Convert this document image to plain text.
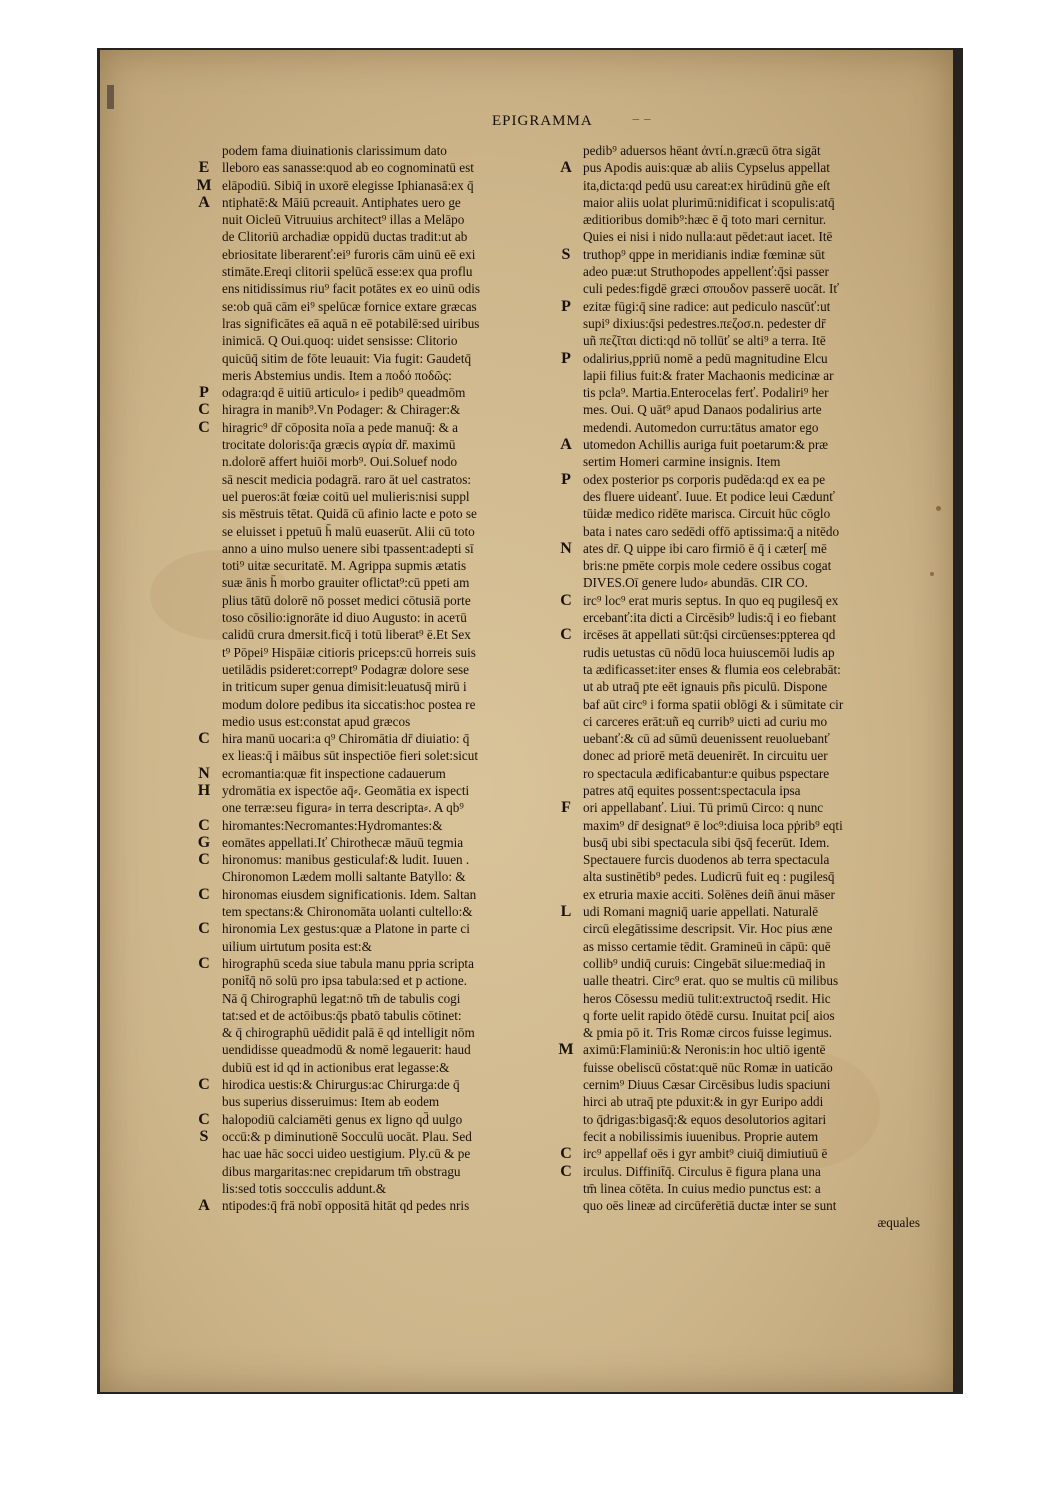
EPIGRAMMA	‒ ‒
podem fama diuinationis clarissimum dato
E lleboro eas sanasse:quod ab eo cognominatū est
M elāpodiū. Sibiq̄ in uxorē elegisse Iphianasā:ex q̄
A ntiphatē:& Māiū pcreauit. Antiphates uero ge
nuit Oicleū Vitruuius architect⁹ illas a Melāpo
de Clitoriū archadiæ oppidū ductas tradit:ut ab
ebriositate liberarenť:ei⁹ furoris cām uinū eē exi
stimāte.Ereqi clitorii spelūcā esse:ex qua proflu
ens nitidissimus riu⁹ facit potātes ex eo uinū odis
se:ob quā cām ei⁹ spelūcæ fornice extare græcas
lras significātes eā aquā n eē potabilē:sed uiribus
inimicā. Q Oui.quoq: uidet sensisse: Clitorio
quicūq̄ sitim de fōte leuauit: Via fugit: Gaudetq̄
meris Abstemius undis. Item a ποδό ποδῶς:
P odagra:qd ē uitiū articulo⸗ i pedib⁹ queadmōm
C hiragra in manib⁹.Vn Podager: & Chirager:&
C hiragric⁹ dr̄ cōposita noīa a pede manuq̄: & a
trocitate doloris:q̄a græcis αγρία dr̄. maximū
n.dolorē affert huiōi morb⁹. Oui.Soluef nodo
sā nescit medicia podagrā. raro āt uel castratos:
uel pueros:āt fœiæ coitū uel mulieris:nisi suppl
sis mēstruis tētat. Quidā cū afinio lacte e poto se
se eluisset i ppetuū h̄ malū euaserūt. Alii cū toto
anno a uino mulso uenere sibi tpassent:adepti sī
toti⁹ uitæ securitatē. M. Agrippa supmis ætatis
suæ ānis h̄ morbo grauiter oflictat⁹:cū ppeti am
plius tātū dolorē nō posset medici cōtusiā porte
toso cōsilio:ignorāte id diuo Augusto: in aceτū
calidū crura dmersit.ficq̄ i totū liberat⁹ ē.Et Sex
t⁹ Pōpei⁹ Hispāiæ citioris priceps:cū horreis suis
uetilādis psideret:corrept⁹ Podagræ dolore sese
in triticum super genua dimisit:leuatusq̄ mirū i
modum dolore pedibus ita siccatis:hoc postea re
medio usus est:constat apud græcos
C hira manū uocari:a q⁹ Chiromātia dr̄ diuiatio: q̄
ex lieas:q̄ i māibus sūt inspectiōe fieri solet:sicut
N ecromantia:quæ fit inspectione cadauerum
H ydromātia ex ispectōe aq̄⸗. Geomātia ex ispecti
one terræ:seu figura⸗ in terra descripta⸗. A qb⁹
C hiromantes:Necromantes:Hydromantes:&
G eomātes appellati.Iť Chirothecæ māuū tegmia
C hironomus: manibus gesticulaf:& ludit. Iuuen .
Chironomon Lædem molli saltante Batyllo: &
C hironomas eiusdem significationis. Idem. Saltan
tem spectans:& Chironomāta uolanti cultello:&
C hironomia Lex gestus:quæ a Platone in parte ci
uilium uirtutum posita est:&
C hirographū sceda siue tabula manu ppria scripta
ponit̄q̄ nō solū pro ipsa tabula:sed et p actione.
Nā q̄ Chirographū legat:nō tm̄ de tabulis cogi
tat:sed et de actōibus:q̄s pbatō tabulis cōtinet:
& q̄ chirographū uēdidit palā ē qd intelligit nōm
uendidisse queadmodū & nomē legauerit: haud
dubiū est id qd in actionibus erat legasse:&
C hirodica uestis:& Chirurgus:ac Chirurga:de q̄
bus superius disseruimus: Item ab eodem
C halopodiū calciamēti genus ex ligno qd̄ uulgo
S occū:& p diminutionē Socculū uocāt. Plau. Sed
hac uae hāc socci uideo uestigium. Ply.cū & pe
dibus margaritas:nec crepidarum tm̄ obstragu
lis:sed totis soccculis addunt.&
A ntipodes:q̄ frā nobī oppositā hitāt qd pedes nris
pedib⁹ aduersos hēant ἀντί.n.græcū ōtra sigāt
A pus Apodis auis:quæ ab aliis Cypselus appellat
ita,dicta:qd pedū usu careat:ex hirūdinū gñe eſt
maior aliis uolat plurimū:nidificat i scopulis:atq̄
æditioribus domib⁹:hæc ē q̄ toto mari cernitur.
Quies ei nisi i nido nulla:aut pēdet:aut iacet. Itē
S truthop⁹ qppe in meridianis indiæ fœminæ sūt
adeo puæ:ut Struthopodes appellenť:q̄si passer
culi pedes:figdē græci σπουδον passerē uocāt. Iť
P ezitæ fūgi:q̄ sine radice: aut pediculo nascūť:ut
supi⁹ dixius:q̄si pedestres.πεζοσ.n. pedester dr̄
uñ πεζῖται dicti:qd nō tollūť se alti⁹ a terra. Itē
P odalirius,ppriū nomē a pedū magnitudine Elcu
lapii filius fuit:& frater Machaonis medicinæ ar
tis pcla⁹. Martia.Enterocelas ferť. Podaliri⁹ her
mes. Oui. Q uāt⁹ apud Danaos podalirius arte
medendi. Automedon curru:tātus amator ego
A utomedon Achillis auriga fuit poetarum:& præ
sertim Homeri carmine insignis. Item
P odex posterior ps corporis pudēda:qd ex ea pe
des fluere uideanť. Iuue. Et podice leui Cædunť
tūidæ medico ridēte marisca. Circuit hūc cōglo
bata i nates caro sedēdi offō aptissima:q̄ a nitēdo
N ates dr̄. Q uippe ibi caro firmiō ē q̄ i cæter[ mē
bris:ne pmēte corpis mole cedere ossibus cogat
DIVES.Oī genere ludo⸗ abundās. CIR CO.
C irc⁹ loc⁹ erat muris septus. In quo eq pugilesq̄ ex
ercebanť:ita dicti a Circēsib⁹ ludis:q̄ i eo fiebant
C ircēses āt appellati sūt:q̄si circūenses:ppterea qd
rudis uetustas cū nōdū loca huiuscemōi ludis ap
ta ædificasset:iter enses & flumia eos celebrabāt:
ut ab utraq̄ pte eēt ignauis pñs piculū. Dispone
baf aūt circ⁹ i forma spatii oblōgi & i sūmitate cir
ci carceres erāt:uñ eq currib⁹ uicti ad curiu mo
uebanť:& cū ad sūmū deuenissent reuoluebanť
donec ad priorē metā deuenirēt. In circuitu uer
ro spectacula ædificabantur:e quibus pspectare
patres atq̄ equites possent:spectacula ipsa
F ori appellabanť. Liui. Tū primū Circo: q nunc
maxim⁹ dr̄ designat⁹ ē loc⁹:diuisa loca pṗrib⁹ eqti
busq̄ ubi sibi spectacula sibi q̄sq̄ fecerūt. Idem.
Spectauere furcis duodenos ab terra spectacula
alta sustinētib⁹ pedes. Ludicrū fuit eq : pugilesq̄
ex etruria maxie acciti. Solēnes deiñ ānui māser
L udi Romani magniq̄ uarie appellati. Naturalē
circū elegātissime descripsit. Vir. Hoc pius æne
as misso certamie tēdit. Gramineū in cāpū: quē
collib⁹ undiq̄ curuis: Cingebāt silue:mediaq̄ in
ualle theatri. Circ⁹ erat. quo se multis cū milibus
heros Cōsessu mediū tulit:extructoq̄ rsedit. Hic
q forte uelit rapido ōtēdē cursu. Inuitat pci[ aios
& pmia pō it. Tris Romæ circos fuisse legimus.
M aximū:Flaminiū:& Neronis:in hoc ultiō igentē
fuisse obeliscū cōstat:quē nūc Romæ in uaticāo
cernim⁹ Diuus Cæsar Circēsibus ludis spaciuni
hirci ab utraq̄ pte pduxit:& in gyr Euripo addi
to q̄drigas:bigasq̄:& equos desolutorios agitari
fecit a nobilissimis iuuenibus. Proprie autem
C irc⁹ appellaf oēs i gyr ambit⁹ ciuiq̄ dimiutiuū ē
C irculus. Diffinit̄q̄. Circulus ē figura plana una
tm̄ linea cōtēta. In cuius medio punctus est: a
quo oēs lineæ ad circūferētiā ductæ inter se sunt
æquales
